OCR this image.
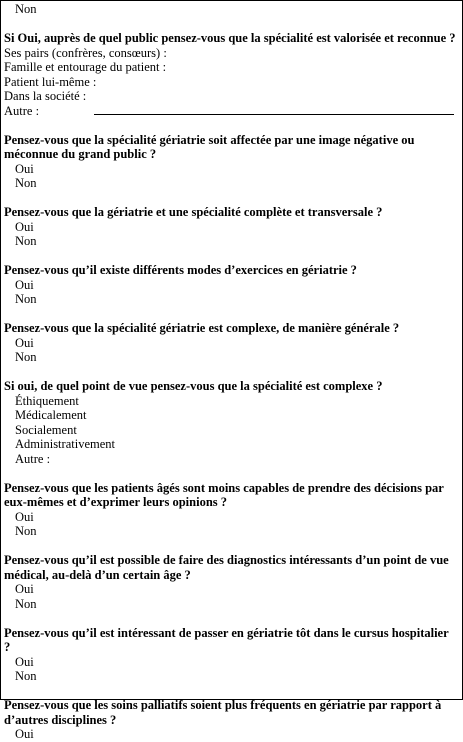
Non
Si Oui, auprès de quel public pensez-vous que la spécialité est valorisée et reconnue ?
Ses pairs (confrères, consœurs) :
Famille et entourage du patient :
Patient lui-même :
Dans la société :
Autre :
Pensez-vous que la spécialité gériatrie soit affectée par une image négative ou méconnue du grand public ?
Oui
Non
Pensez-vous que la gériatrie et une spécialité complète et transversale ?
Oui
Non
Pensez-vous qu’il existe différents modes d’exercices en gériatrie ?
Oui
Non
Pensez-vous que la spécialité gériatrie est complexe, de manière générale ?
Oui
Non
Si oui, de quel point de vue pensez-vous que la spécialité est complexe ?
Éthiquement
Médicalement
Socialement
Administrativement
Autre :
Pensez-vous que les patients âgés sont moins capables de prendre des décisions par eux-mêmes et d’exprimer leurs opinions ?
Oui
Non
Pensez-vous qu’il est possible de faire des diagnostics intéressants d’un point de vue médical, au-delà d’un certain âge ?
Oui
Non
Pensez-vous qu’il est intéressant de passer en gériatrie tôt dans le cursus hospitalier ?
Oui
Non
Pensez-vous que les soins palliatifs soient plus fréquents en gériatrie par rapport à d’autres disciplines ?
Oui
